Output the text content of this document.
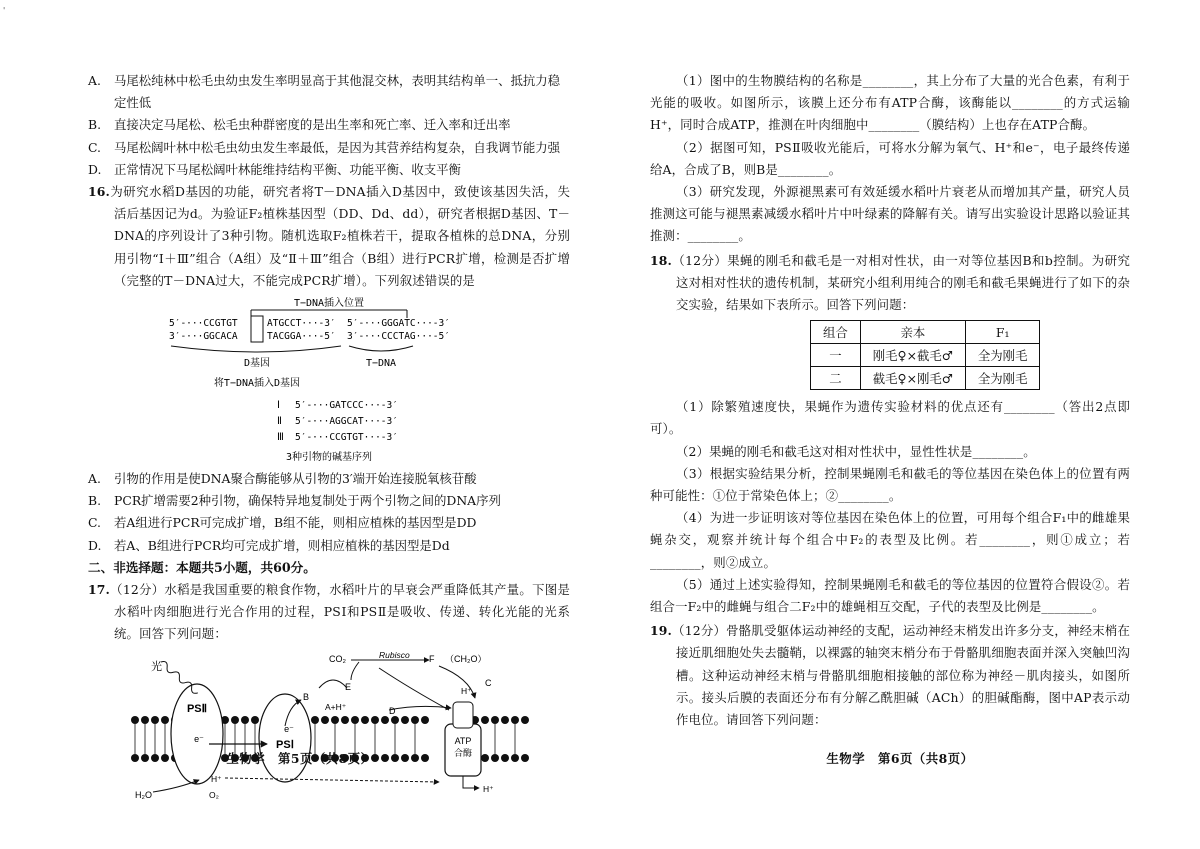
'

A. 马尾松纯林中松毛虫幼虫发生率明显高于其他混交林，表明其结构单一、抵抗力稳定性低

B. 直接决定马尾松、松毛虫种群密度的是出生率和死亡率、迁入率和迁出率

C. 马尾松阔叶林中松毛虫幼虫发生率最低，是因为其营养结构复杂，自我调节能力强

D. 正常情况下马尾松阔叶林能维持结构平衡、功能平衡、收支平衡

16.为研究水稻D基因的功能，研究者将T－DNA插入D基因中，致使该基因失活，失活后基因记为d。为验证F₂植株基因型（DD、Dd、dd），研究者根据D基因、T－DNA的序列设计了3种引物。随机选取F₂植株若干，提取各植株的总DNA，分别用引物“Ⅰ＋Ⅲ”组合（A组）及“Ⅱ＋Ⅲ”组合（B组）进行PCR扩增，检测是否扩增（完整的T－DNA过大，不能完成PCR扩增）。下列叙述错误的是

T−DNA插入位置
5′-···CCGTGT
3′-···GGCACA
ATGCCT···-3′
TACGGA···-5′
5′-···GGGATC···-3′
3′-···CCCTAG···-5′
D基因	T−DNA
将T−DNA插入D基因
Ⅰ 5′-···GATCCC···-3′
Ⅱ 5′-···AGGCAT···-3′
Ⅲ 5′-···CCGTGT···-3′
3种引物的碱基序列

A. 引物的作用是使DNA聚合酶能够从引物的3′端开始连接脱氧核苷酸

B. PCR扩增需要2种引物，确保特异地复制处于两个引物之间的DNA序列

C. 若A组进行PCR可完成扩增，B组不能，则相应植株的基因型是DD

D. 若A、B组进行PCR均可完成扩增，则相应植株的基因型是Dd

二、非选择题：本题共5小题，共60分。

17.（12分）水稻是我国重要的粮食作物，水稻叶片的早衰会严重降低其产量。下图是水稻叶肉细胞进行光合作用的过程，PSⅠ和PSⅡ是吸收、传递、转化光能的光系统。回答下列问题：

PSⅡ
e⁻	PSⅠ
e⁻
ATP
合酶
光
CO₂	Rubisco F （CH₂O）
E
B
A+H⁺	D
C
H⁺
H₂O	O₂
H⁺
H⁺
生物学　第5页（共8页）

（1）图中的生物膜结构的名称是________，其上分布了大量的光合色素，有利于光能的吸收。如图所示，该膜上还分布有ATP合酶，该酶能以________的方式运输H⁺，同时合成ATP，推测在叶肉细胞中________（膜结构）上也存在ATP合酶。

（2）据图可知，PSⅡ吸收光能后，可将水分解为氧气、H⁺和e⁻，电子最终传递给A，合成了B，则B是________。

（3）研究发现，外源褪黑素可有效延缓水稻叶片衰老从而增加其产量，研究人员推测这可能与褪黑素减缓水稻叶片中叶绿素的降解有关。请写出实验设计思路以验证其推测：________。

18.（12分）果蝇的刚毛和截毛是一对相对性状，由一对等位基因B和b控制。为研究这对相对性状的遗传机制，某研究小组利用纯合的刚毛和截毛果蝇进行了如下的杂交实验，结果如下表所示。回答下列问题：

组合	亲本	F₁
一	刚毛♀×截毛♂	全为刚毛
二	截毛♀×刚毛♂	全为刚毛

（1）除繁殖速度快，果蝇作为遗传实验材料的优点还有________（答出2点即可）。

（2）果蝇的刚毛和截毛这对相对性状中，显性性状是________。

（3）根据实验结果分析，控制果蝇刚毛和截毛的等位基因在染色体上的位置有两种可能性：①位于常染色体上；②________。

（4）为进一步证明该对等位基因在染色体上的位置，可用每个组合F₁中的雌雄果蝇杂交，观察并统计每个组合中F₂的表型及比例。若________，则①成立；若________，则②成立。

（5）通过上述实验得知，控制果蝇刚毛和截毛的等位基因的位置符合假设②。若组合一F₂中的雌蝇与组合二F₂中的雄蝇相互交配，子代的表型及比例是________。

19.（12分）骨骼肌受躯体运动神经的支配，运动神经末梢发出许多分支，神经末梢在接近肌细胞处失去髓鞘，以裸露的轴突末梢分布于骨骼肌细胞表面并深入突触凹沟槽。这种运动神经末梢与骨骼肌细胞相接触的部位称为神经－肌肉接头，如图所示。接头后膜的表面还分布有分解乙酰胆碱（ACh）的胆碱酯酶，图中AP表示动作电位。请回答下列问题：

生物学　第6页（共8页）
